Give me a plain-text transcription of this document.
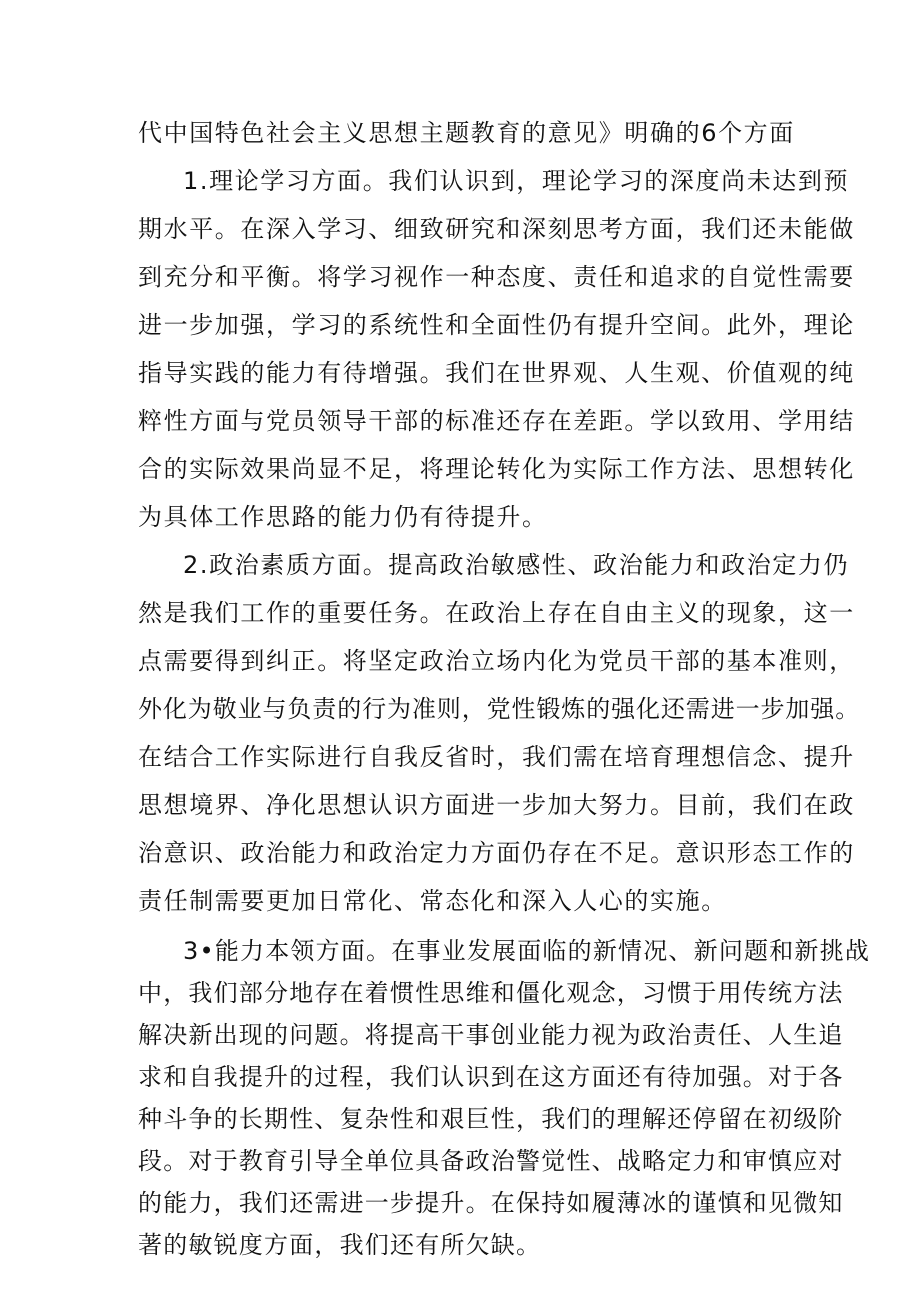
代中国特色社会主义思想主题教育的意见》明确的6个方面
1.理论学习方面。我们认识到，理论学习的深度尚未达到预
期水平。在深入学习、细致研究和深刻思考方面，我们还未能做
到充分和平衡。将学习视作一种态度、责任和追求的自觉性需要
进一步加强，学习的系统性和全面性仍有提升空间。此外，理论
指导实践的能力有待增强。我们在世界观、人生观、价值观的纯
粹性方面与党员领导干部的标准还存在差距。学以致用、学用结
合的实际效果尚显不足，将理论转化为实际工作方法、思想转化
为具体工作思路的能力仍有待提升。
2.政治素质方面。提高政治敏感性、政治能力和政治定力仍
然是我们工作的重要任务。在政治上存在自由主义的现象，这一
点需要得到纠正。将坚定政治立场内化为党员干部的基本准则，
外化为敬业与负责的行为准则，党性锻炼的强化还需进一步加强。
在结合工作实际进行自我反省时，我们需在培育理想信念、提升
思想境界、净化思想认识方面进一步加大努力。目前，我们在政
治意识、政治能力和政治定力方面仍存在不足。意识形态工作的
责任制需要更加日常化、常态化和深入人心的实施。
3•能力本领方面。在事业发展面临的新情况、新问题和新挑战
中，我们部分地存在着惯性思维和僵化观念，习惯于用传统方法
解决新出现的问题。将提高干事创业能力视为政治责任、人生追
求和自我提升的过程，我们认识到在这方面还有待加强。对于各
种斗争的长期性、复杂性和艰巨性，我们的理解还停留在初级阶
段。对于教育引导全单位具备政治警觉性、战略定力和审慎应对
的能力，我们还需进一步提升。在保持如履薄冰的谨慎和见微知
著的敏锐度方面，我们还有所欠缺。
